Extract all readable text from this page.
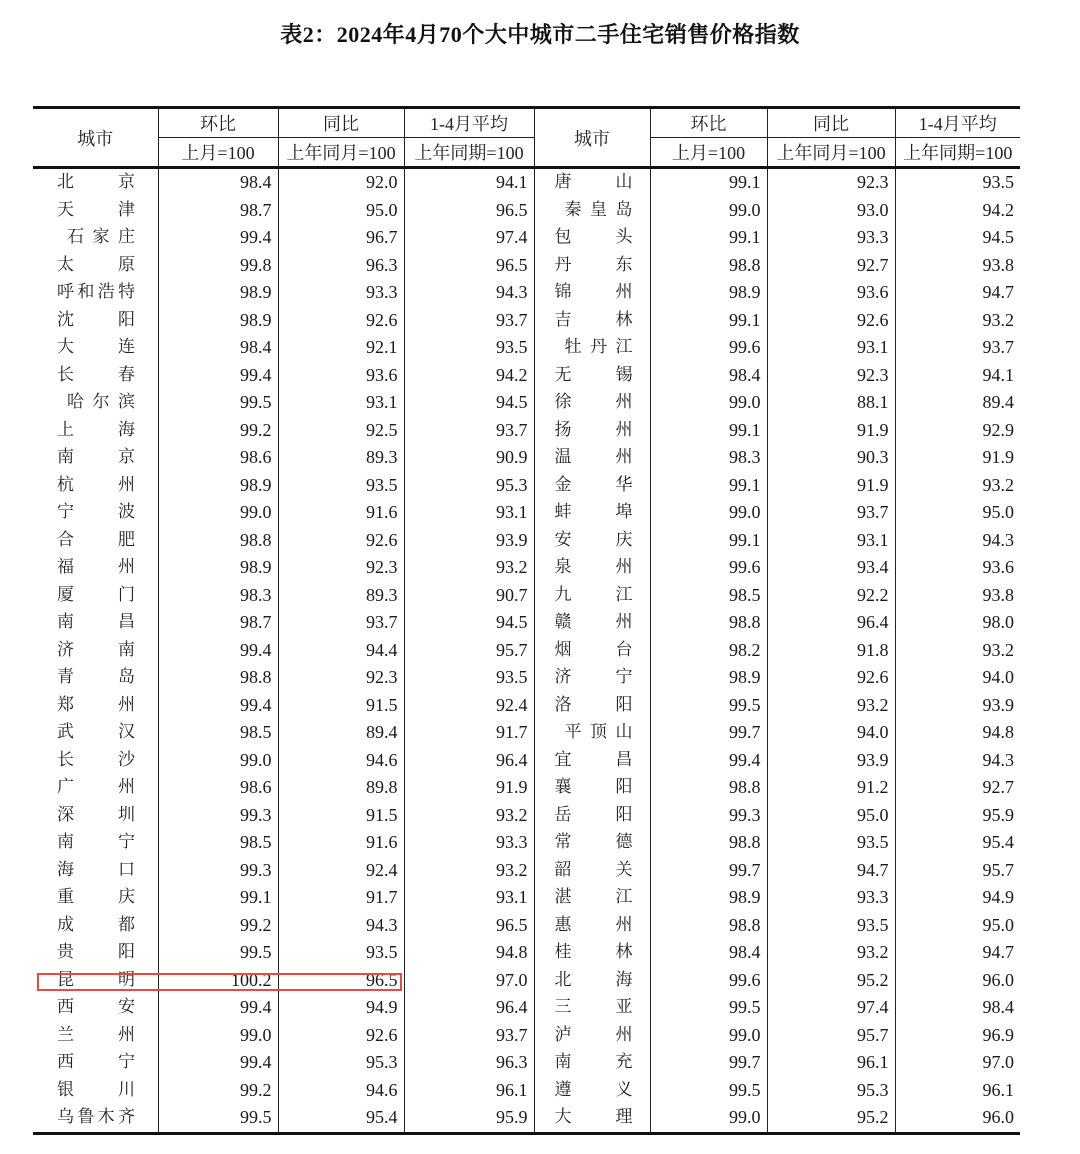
表2：2024年4月70个大中城市二手住宅销售价格指数
城市	环比	同比	1-4月平均	城市	环比	同比	1-4月平均
	上月=100	上年同月=100	上年同期=100		上月=100	上年同月=100	上年同期=100
北京	98.4	92.0	94.1	唐山	99.1	92.3	93.5
天津	98.7	95.0	96.5	秦皇岛	99.0	93.0	94.2
石家庄	99.4	96.7	97.4	包头	99.1	93.3	94.5
太原	99.8	96.3	96.5	丹东	98.8	92.7	93.8
呼和浩特	98.9	93.3	94.3	锦州	98.9	93.6	94.7
沈阳	98.9	92.6	93.7	吉林	99.1	92.6	93.2
大连	98.4	92.1	93.5	牡丹江	99.6	93.1	93.7
长春	99.4	93.6	94.2	无锡	98.4	92.3	94.1
哈尔滨	99.5	93.1	94.5	徐州	99.0	88.1	89.4
上海	99.2	92.5	93.7	扬州	99.1	91.9	92.9
南京	98.6	89.3	90.9	温州	98.3	90.3	91.9
杭州	98.9	93.5	95.3	金华	99.1	91.9	93.2
宁波	99.0	91.6	93.1	蚌埠	99.0	93.7	95.0
合肥	98.8	92.6	93.9	安庆	99.1	93.1	94.3
福州	98.9	92.3	93.2	泉州	99.6	93.4	93.6
厦门	98.3	89.3	90.7	九江	98.5	92.2	93.8
南昌	98.7	93.7	94.5	赣州	98.8	96.4	98.0
济南	99.4	94.4	95.7	烟台	98.2	91.8	93.2
青岛	98.8	92.3	93.5	济宁	98.9	92.6	94.0
郑州	99.4	91.5	92.4	洛阳	99.5	93.2	93.9
武汉	98.5	89.4	91.7	平顶山	99.7	94.0	94.8
长沙	99.0	94.6	96.4	宜昌	99.4	93.9	94.3
广州	98.6	89.8	91.9	襄阳	98.8	91.2	92.7
深圳	99.3	91.5	93.2	岳阳	99.3	95.0	95.9
南宁	98.5	91.6	93.3	常德	98.8	93.5	95.4
海口	99.3	92.4	93.2	韶关	99.7	94.7	95.7
重庆	99.1	91.7	93.1	湛江	98.9	93.3	94.9
成都	99.2	94.3	96.5	惠州	98.8	93.5	95.0
贵阳	99.5	93.5	94.8	桂林	98.4	93.2	94.7
昆明	100.2	96.5	97.0	北海	99.6	95.2	96.0
西安	99.4	94.9	96.4	三亚	99.5	97.4	98.4
兰州	99.0	92.6	93.7	泸州	99.0	95.7	96.9
西宁	99.4	95.3	96.3	南充	99.7	96.1	97.0
银川	99.2	94.6	96.1	遵义	99.5	95.3	96.1
乌鲁木齐	99.5	95.4	95.9	大理	99.0	95.2	96.0
